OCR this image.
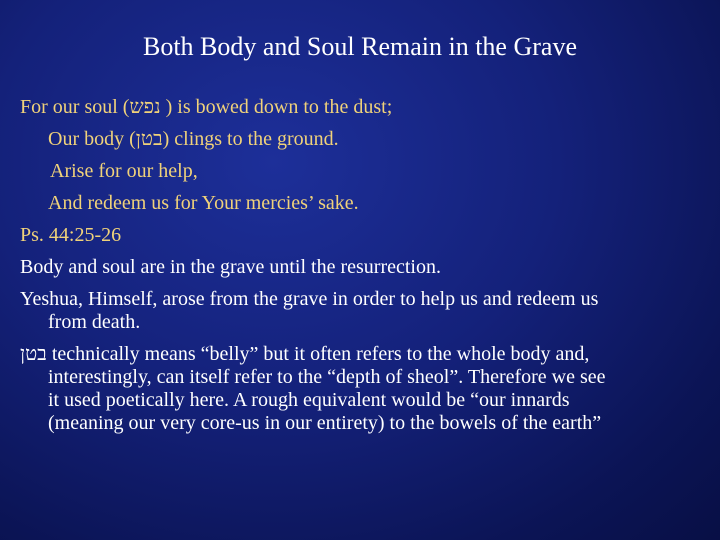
Both Body and Soul Remain in the Grave

For our soul (נפש ) is bowed down to the dust;

Our body (בטן) clings to the ground.

Arise for our help,

And redeem us for Your mercies’ sake.

Ps. 44:25-26

Body and soul are in the grave until the resurrection.

Yeshua, Himself, arose from the grave in order to help us and redeem us

from death.

בטן technically means “belly” but it often refers to the whole body and,

interestingly, can itself refer to the “depth of sheol”. Therefore we see

it used poetically here. A rough equivalent would be “our innards

(meaning our very core-us in our entirety) to the bowels of the earth”
